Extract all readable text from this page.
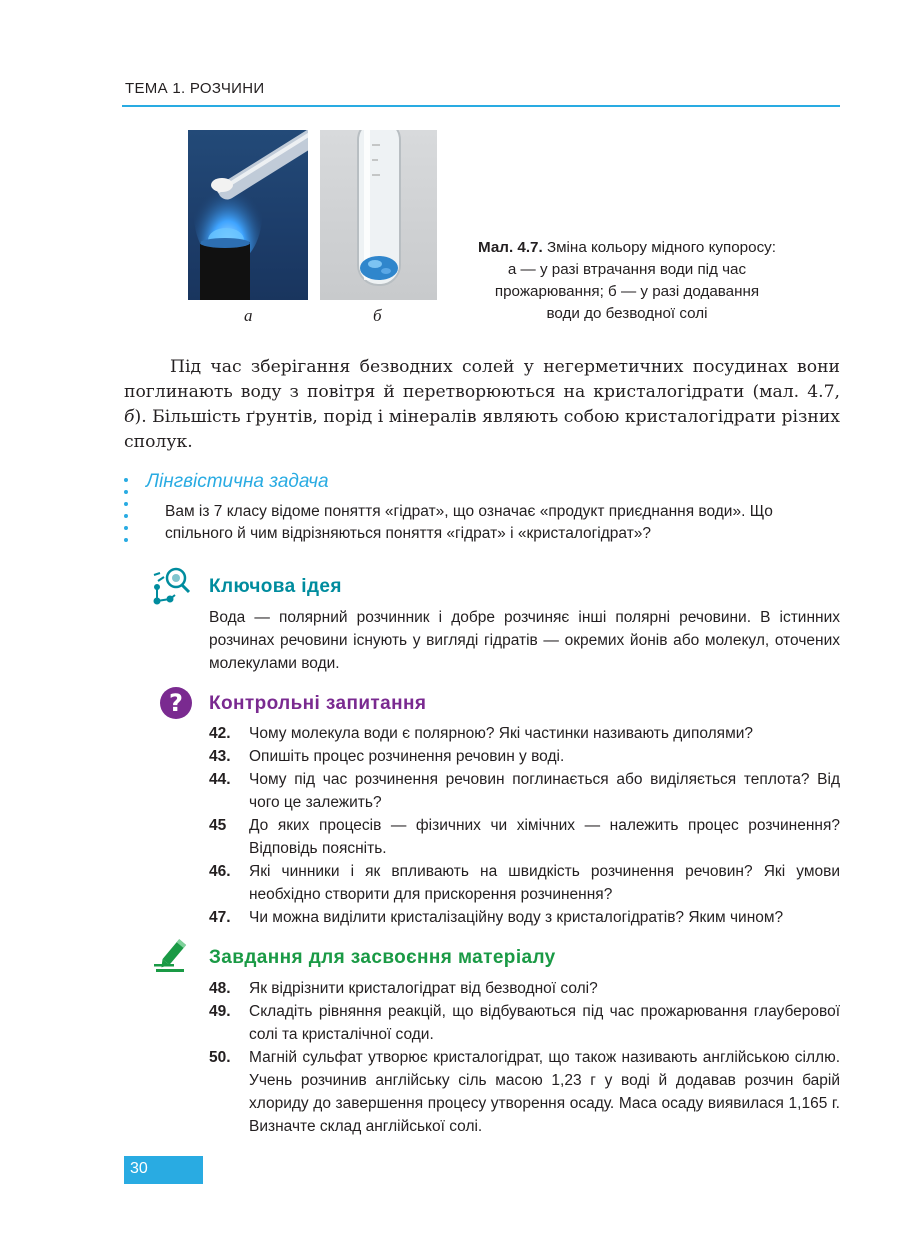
ТЕМА 1. РОЗЧИНИ
а	б
Мал. 4.7. Зміна кольору мідного купоросу: а — у разі втрачання води під час прожарювання; б — у разі додавання води до безводної солі
Під час зберігання безводних солей у негерметичних посудинах вони поглинають воду з повітря й перетворюються на кристалогідрати (мал. 4.7, б). Більшість ґрунтів, порід і мінералів являють собою кристалогідрати різних сполук.
Лінгвістична задача
Вам із 7 класу відоме поняття «гідрат», що означає «продукт приєднання води». Що спільного й чим відрізняються поняття «гідрат» і «кристалогідрат»?
Ключова ідея
Вода — полярний розчинник і добре розчиняє інші полярні речовини. В істинних розчинах речовини існують у вигляді гідратів — окремих йонів або молекул, оточених молекулами води.
? Контрольні запитання
42.	Чому молекула води є полярною? Які частинки називають диполями?
43.	Опишіть процес розчинення речовин у воді.
44.	Чому під час розчинення речовин поглинається або виділяється теплота? Від чого це залежить?
45	До яких процесів — фізичних чи хімічних — належить процес розчинення? Відповідь поясніть.
46.	Які чинники і як впливають на швидкість розчинення речовин? Які умови необхідно створити для прискорення розчинення?
47.	Чи можна виділити кристалізаційну воду з кристалогідратів? Яким чином?
Завдання для засвоєння матеріалу
48.	Як відрізнити кристалогідрат від безводної солі?
49.	Складіть рівняння реакцій, що відбуваються під час прожарювання глауберової солі та кристалічної соди.
50.	Магній сульфат утворює кристалогідрат, що також називають англійською сіллю. Учень розчинив англійську сіль масою 1,23 г у воді й додавав розчин барій хлориду до завершення процесу утворення осаду. Маса осаду виявилася 1,165 г. Визначте склад англійської солі.
30
